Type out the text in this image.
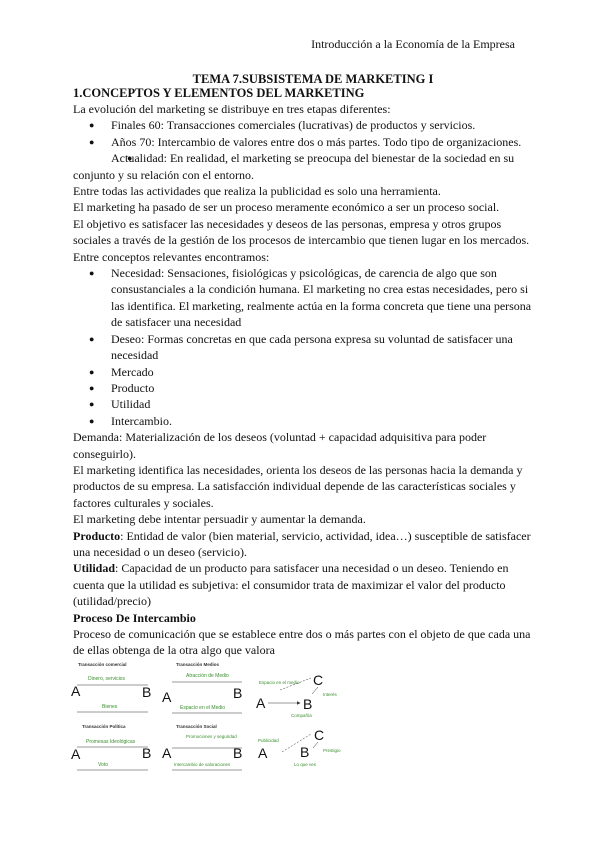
Introducción a la Economía de la Empresa
TEMA 7.SUBSISTEMA DE MARKETING I
1.CONCEPTOS Y ELEMENTOS DEL MARKETING

La evolución del marketing se distribuye en tres etapas diferentes:

● Finales 60: Transacciones comerciales (lucrativas) de productos y servicios.
● Años 70: Intercambio de valores entre dos o más partes. Todo tipo de organizaciones.
● Actualidad: En realidad, el marketing se preocupa del bienestar de la sociedad en su conjunto y su relación con el entorno.

Entre todas las actividades que realiza la publicidad es solo una herramienta.

El marketing ha pasado de ser un proceso meramente económico a ser un proceso social.

El objetivo es satisfacer las necesidades y deseos de las personas, empresa y otros grupos sociales a través de la gestión de los procesos de intercambio que tienen lugar en los mercados.

Entre conceptos relevantes encontramos:

● Necesidad: Sensaciones, fisiológicas y psicológicas, de carencia de algo que son consustanciales a la condición humana. El marketing no crea estas necesidades, pero si las identifica. El marketing, realmente actúa en la forma concreta que tiene una persona de satisfacer una necesidad
● Deseo: Formas concretas en que cada persona expresa su voluntad de satisfacer una necesidad
● Mercado
● Producto
● Utilidad
● Intercambio.

Demanda: Materialización de los deseos (voluntad + capacidad adquisitiva para poder conseguirlo).

El marketing identifica las necesidades, orienta los deseos de las personas hacia la demanda y productos de su empresa. La satisfacción individual depende de las características sociales y factores culturales y sociales.

El marketing debe intentar persuadir y aumentar la demanda.

Producto: Entidad de valor (bien material, servicio, actividad, idea…) susceptible de satisfacer una necesidad o un deseo (servicio).

Utilidad: Capacidad de un producto para satisfacer una necesidad o un deseo. Teniendo en cuenta que la utilidad es subjetiva: el consumidor trata de maximizar el valor del producto (utilidad/precio)

Proceso De Intercambio

Proceso de comunicación que se establece entre dos o más partes con el objeto de que cada una de ellas obtenga de la otra algo que valora

Transacción comercial
Dinero, servicios
A	B
Bienes
Transacción Medios
Atracción de Medio
A	B
Espacio en el Medio
Espacio en el medio C
A	B
Interés
Compañía
Transacción Política
Promesas Ideológicas
A	B
Voto
Transacción Social
Promociones y seguridad
A	B
Intercambio de valoraciones
Publicidad	C
A B	Prestigio
Lo que ves
